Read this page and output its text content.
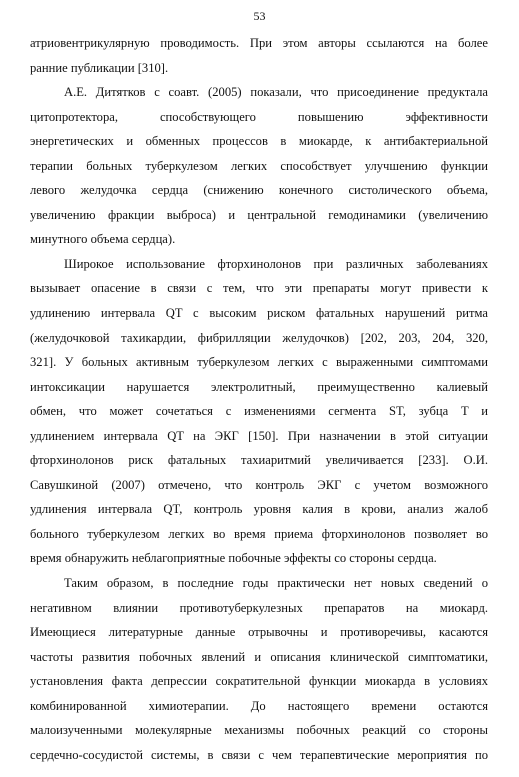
53
атриовентрикулярную проводимость. При этом авторы ссылаются на более
ранние публикации [310].
А.Е. Дитятков с соавт. (2005) показали, что присоединение предуктала
цитопротектора, способствующего повышению эффективности
энергетических и обменных процессов в миокарде, к антибактериальной
терапии больных туберкулезом легких способствует улучшению функции
левого желудочка сердца (снижению конечного систолического объема,
увеличению фракции выброса) и центральной гемодинамики (увеличению
минутного объема сердца).
Широкое использование фторхинолонов при различных заболеваниях
вызывает опасение в связи с тем, что эти препараты могут привести к
удлинению интервала QT с высоким риском фатальных нарушений ритма
(желудочковой тахикардии, фибрилляции желудочков) [202, 203, 204, 320,
321]. У больных активным туберкулезом легких с выраженными симптомами
интоксикации нарушается электролитный, преимущественно калиевый
обмен, что может сочетаться с изменениями сегмента ST, зубца T и
удлинением интервала QT на ЭКГ [150]. При назначении в этой ситуации
фторхинолонов риск фатальных тахиаритмий увеличивается [233]. О.И.
Савушкиной (2007) отмечено, что контроль ЭКГ с учетом возможного
удлинения интервала QT, контроль уровня калия в крови, анализ жалоб
больного туберкулезом легких во время приема фторхинолонов позволяет во
время обнаружить неблагоприятные побочные эффекты со стороны сердца.
Таким образом, в последние годы практически нет новых сведений о
негативном влиянии противотуберкулезных препаратов на миокард.
Имеющиеся литературные данные отрывочны и противоречивы, касаются
частоты развития побочных явлений и описания клинической симптоматики,
установления факта депрессии сократительной функции миокарда в условиях
комбинированной химиотерапии. До настоящего времени остаются
малоизученными молекулярные механизмы побочных реакций со стороны
сердечно-сосудистой системы, в связи с чем терапевтические мероприятия по
